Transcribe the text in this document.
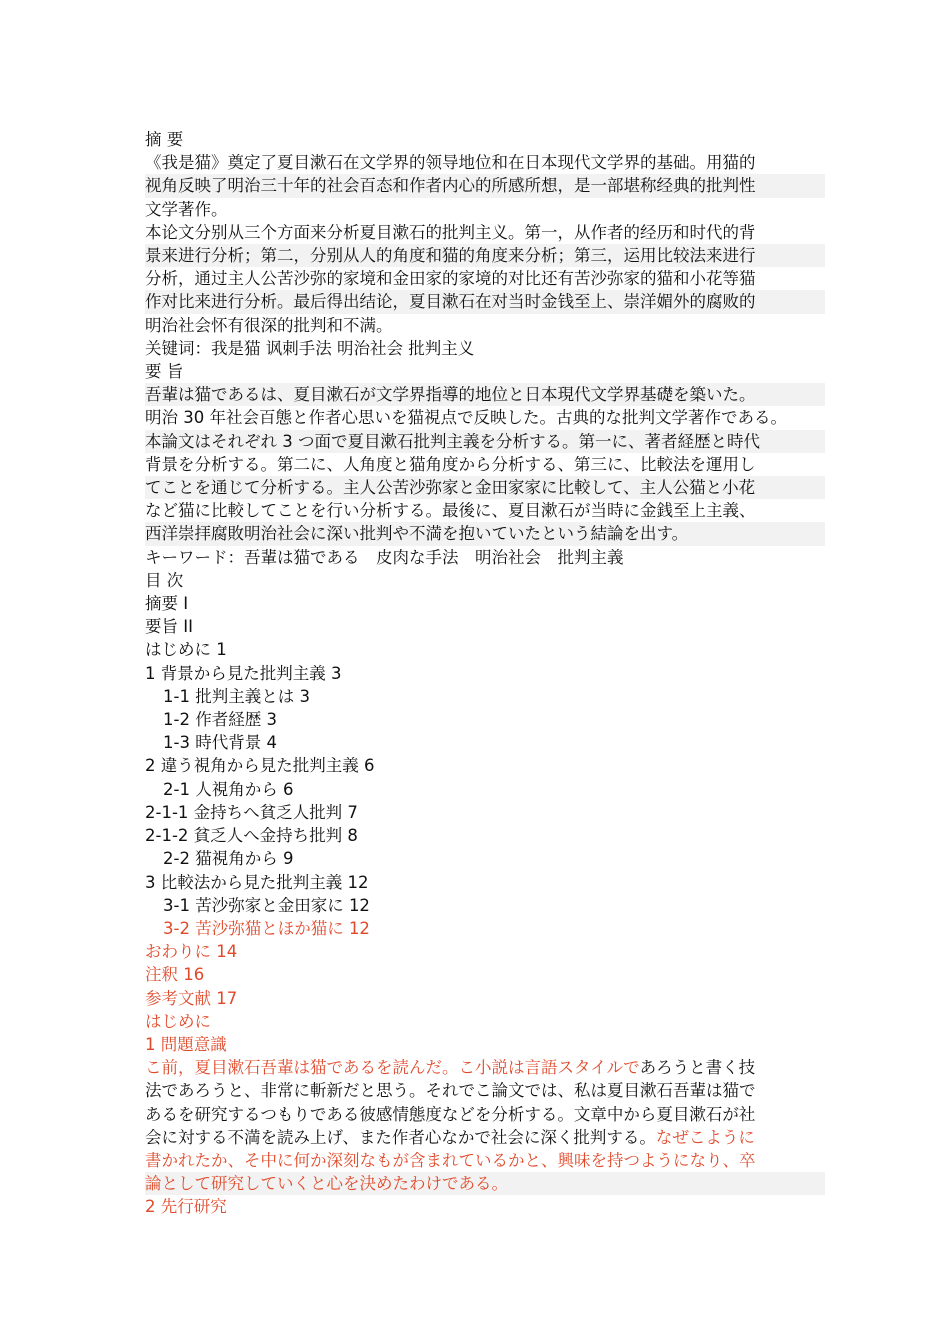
摘 要
《我是猫》奠定了夏目漱石在文学界的领导地位和在日本现代文学界的基础。用猫的
视角反映了明治三十年的社会百态和作者内心的所感所想，是一部堪称经典的批判性
文学著作。
本论文分别从三个方面来分析夏目漱石的批判主义。第一，从作者的经历和时代的背
景来进行分析；第二，分别从人的角度和猫的角度来分析；第三，运用比较法来进行
分析，通过主人公苦沙弥的家境和金田家的家境的对比还有苦沙弥家的猫和小花等猫
作对比来进行分析。最后得出结论，夏目漱石在对当时金钱至上、崇洋媚外的腐败的
明治社会怀有很深的批判和不满。
关键词：我是猫 讽刺手法 明治社会 批判主义
要 旨
吾輩は猫であるは、夏目漱石が文学界指導的地位と日本現代文学界基礎を築いた。
明治 30 年社会百態と作者心思いを猫視点で反映した。古典的な批判文学著作である。
本論文はそれぞれ 3 つ面で夏目漱石批判主義を分析する。第一に、著者経歴と時代
背景を分析する。第二に、人角度と猫角度から分析する、第三に、比較法を運用し
てことを通じて分析する。主人公苦沙弥家と金田家家に比較して、主人公猫と小花
など猫に比較してことを行い分析する。最後に、夏目漱石が当時に金銭至上主義、
西洋崇拝腐敗明治社会に深い批判や不満を抱いていたという結論を出す。
キーワード：吾輩は猫である　皮肉な手法　明治社会　批判主義
目 次
摘要 I
要旨 II
はじめに 1
1 背景から見た批判主義 3
1-1 批判主義とは 3
1-2 作者経歴 3
1-3 時代背景 4
2 違う視角から見た批判主義 6
2-1 人視角から 6
2-1-1 金持ちへ貧乏人批判 7
2-1-2 貧乏人へ金持ち批判 8
2-2 猫視角から 9
3 比較法から見た批判主義 12
3-1 苦沙弥家と金田家に 12
3-2 苦沙弥猫とほか猫に 12
おわりに 14
注釈 16
参考文献 17
はじめに
1 問題意識
こ前，夏目漱石吾輩は猫であるを読んだ。こ小説は言語スタイルであろうと書く技
法であろうと、非常に斬新だと思う。それでこ論文では、私は夏目漱石吾輩は猫で
あるを研究するつもりである彼感情態度などを分析する。文章中から夏目漱石が社
会に対する不満を読み上げ、また作者心なかで社会に深く批判する。なぜこように
書かれたか、そ中に何か深刻なもが含まれているかと、興味を持つようになり、卒
論として研究していくと心を決めたわけである。
2 先行研究
